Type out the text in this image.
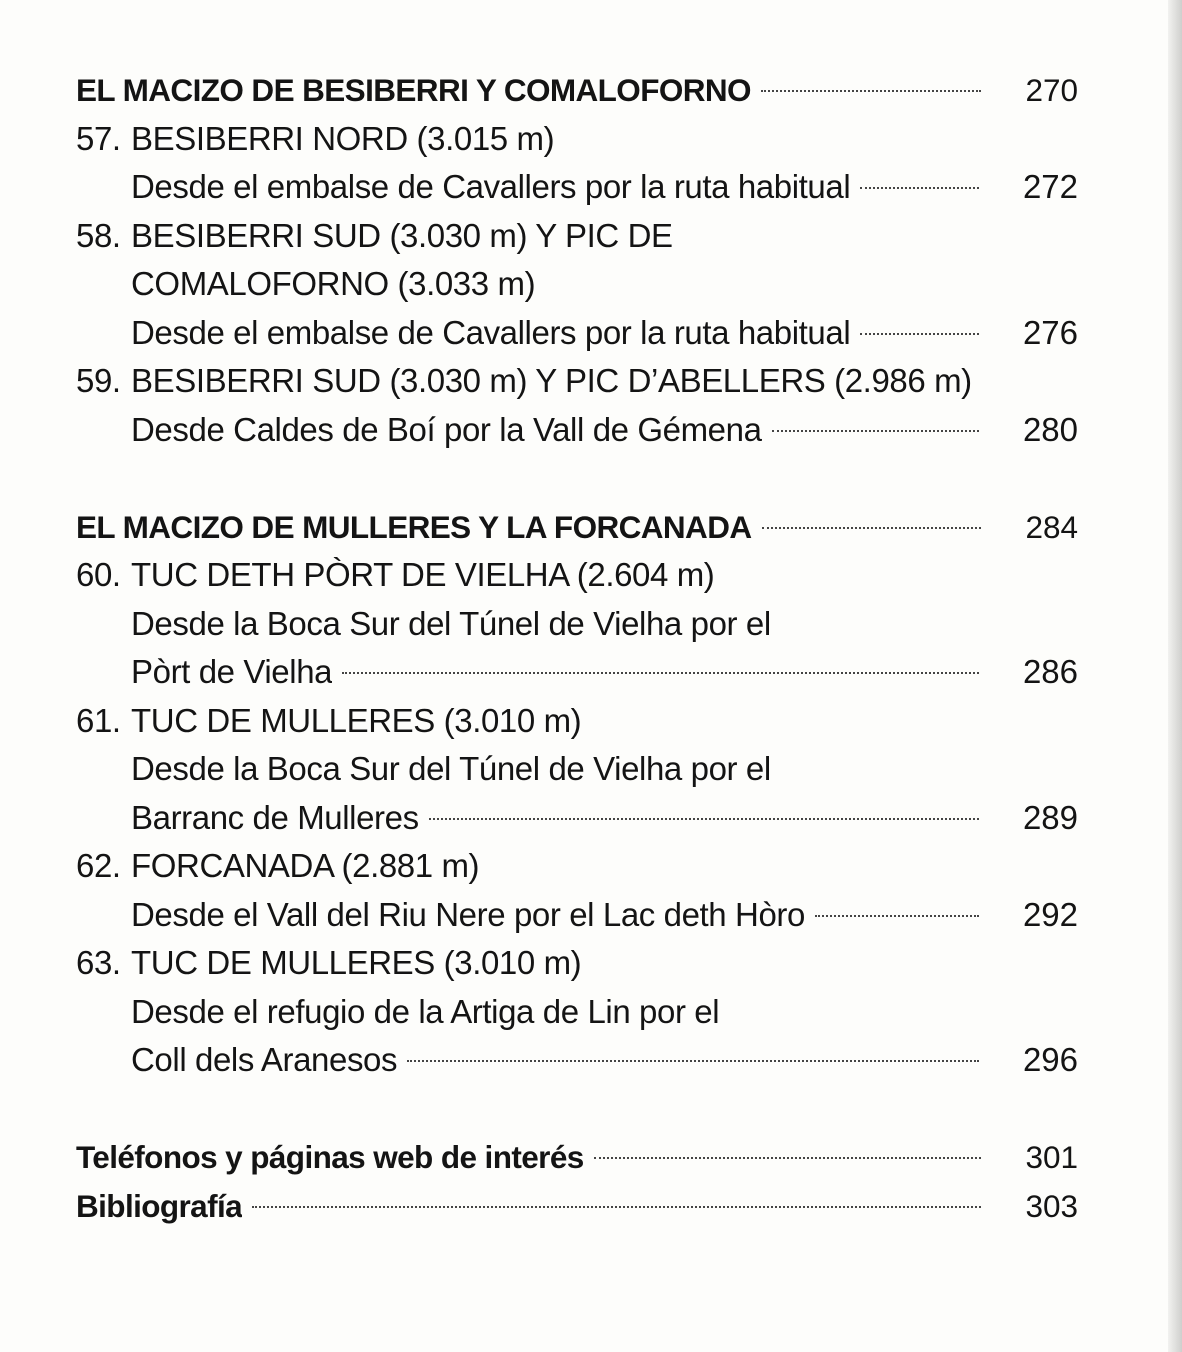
EL MACIZO DE BESIBERRI Y COMALOFORNO	270
57. BESIBERRI NORD (3.015 m)
Desde el embalse de Cavallers por la ruta habitual	272
58. BESIBERRI SUD (3.030 m) Y PIC DE
COMALOFORNO (3.033 m)
Desde el embalse de Cavallers por la ruta habitual	276
59. BESIBERRI SUD (3.030 m) Y PIC D’ABELLERS (2.986 m)
Desde Caldes de Boí por la Vall de Gémena	280
EL MACIZO DE MULLERES Y LA FORCANADA	284
60. TUC DETH PÒRT DE VIELHA (2.604 m)
Desde la Boca Sur del Túnel de Vielha por el
Pòrt de Vielha	286
61. TUC DE MULLERES (3.010 m)
Desde la Boca Sur del Túnel de Vielha por el
Barranc de Mulleres	289
62. FORCANADA (2.881 m)
Desde el Vall del Riu Nere por el Lac deth Hòro	292
63. TUC DE MULLERES (3.010 m)
Desde el refugio de la Artiga de Lin por el
Coll dels Aranesos	296
Teléfonos y páginas web de interés	301
Bibliografía	303
